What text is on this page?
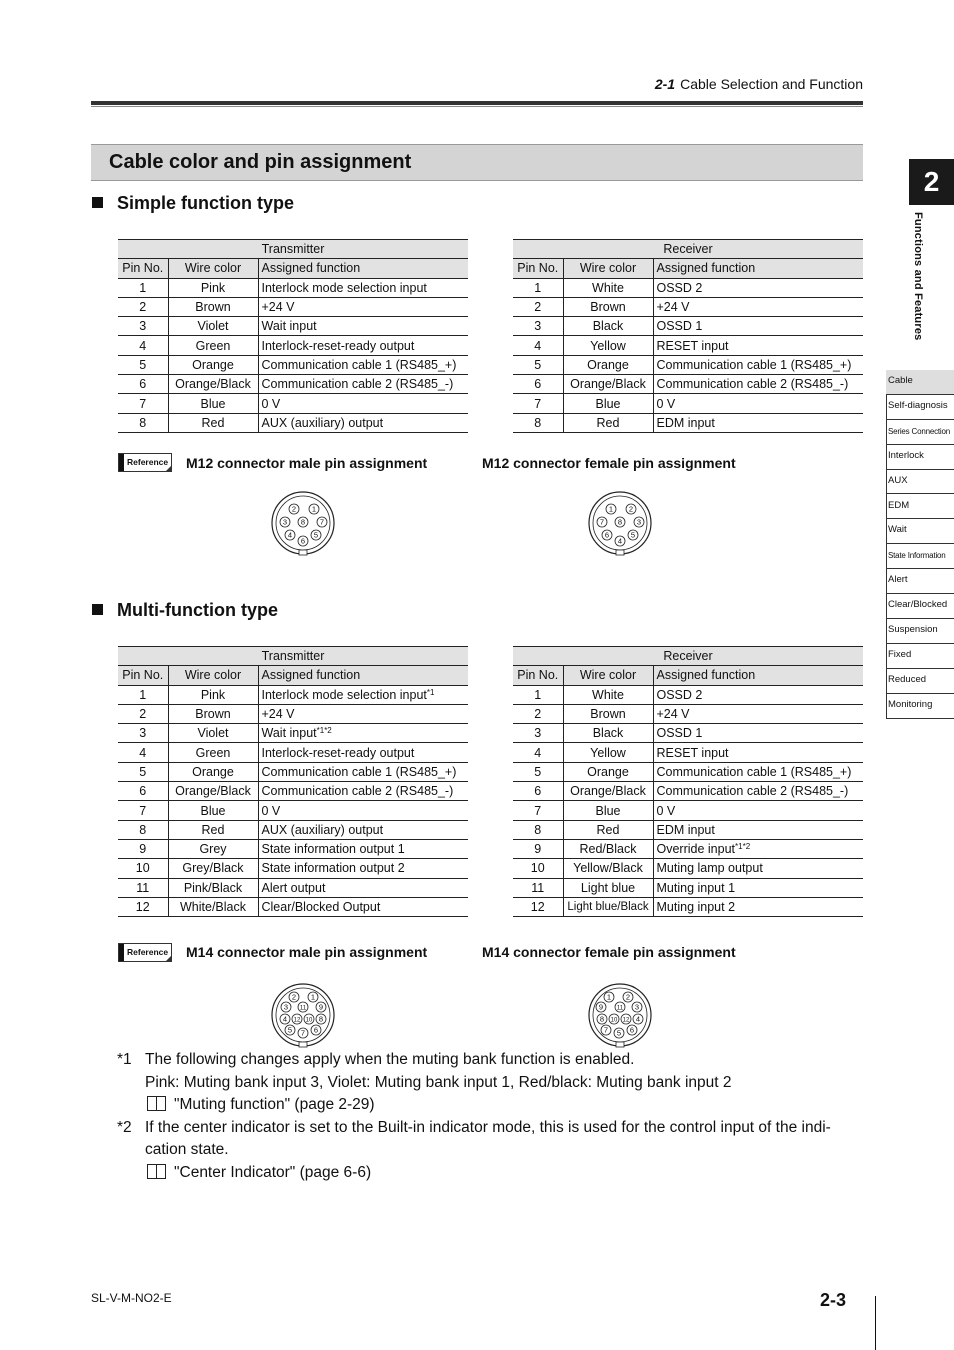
2-1 Cable Selection and Function
Cable color and pin assignment
Simple function type
Transmitter		
Pin No.	Wire color	Assigned function
1	Pink	Interlock mode selection input
2	Brown	+24 V
3	Violet	Wait input
4	Green	Interlock-reset-ready output
5	Orange	Communication cable 1 (RS485_+)
6	Orange/Black	Communication cable 2 (RS485_-)
7	Blue	0 V
8	Red	AUX (auxiliary) output
Receiver		
Pin No.	Wire color	Assigned function
1	White	OSSD 2
2	Brown	+24 V
3	Black	OSSD 1
4	Yellow	RESET input
5	Orange	Communication cable 1 (RS485_+)
6	Orange/Black	Communication cable 2 (RS485_-)
7	Blue	0 V
8	Red	EDM input
Reference M12 connector male pin assignment	M12 connector female pin assignment
2 1
3 8 7
4	5
6
1 2
7 8 3
6	5
4
Multi-function type
Transmitter		
Pin No.	Wire color	Assigned function
1	Pink	Interlock mode selection input$^{*1}$
2	Brown	+24 V
3	Violet	Wait input$^{*1*2}$
4	Green	Interlock-reset-ready output
5	Orange	Communication cable 1 (RS485_+)
6	Orange/Black	Communication cable 2 (RS485_-)
7	Blue	0 V
8	Red	AUX (auxiliary) output
9	Grey	State information output 1
10	Grey/Black	State information output 2
11	Pink/Black	Alert output
12	White/Black	Clear/Blocked Output
Receiver		
Pin No.	Wire color	Assigned function
1	White	OSSD 2
2	Brown	+24 V
3	Black	OSSD 1
4	Yellow	RESET input
5	Orange	Communication cable 1 (RS485_+)
6	Orange/Black	Communication cable 2 (RS485_-)
7	Blue	0 V
8	Red	EDM input
9	Red/Black	Override input$^{*1*2}$
10	Yellow/Black	Muting lamp output
11	Light blue	Muting input 1
12	Light blue/Black	Muting input 2
Reference M14 connector male pin assignment	M14 connector female pin assignment
2 1
3 11 9
4 12 10 8
5	6
7
1 2
9 11 3
8 10 12 4
7	6
5
*1 The following changes apply when the muting bank function is enabled.
Pink: Muting bank input 3, Violet: Muting bank input 1, Red/black: Muting bank input 2
"Muting function" (page 2-29)
*2 If the center indicator is set to the Built-in indicator mode, this is used for the control input of the indi-
cation state.
"Center Indicator" (page 6-6)
2
Functions and Features
Cable
Self-diagnosis
Series Connection
Interlock
AUX
EDM
Wait
State Information
Alert
Clear/Blocked
Suspension
Fixed
Reduced
Monitoring
SL-V-M-NO2-E	2-3
